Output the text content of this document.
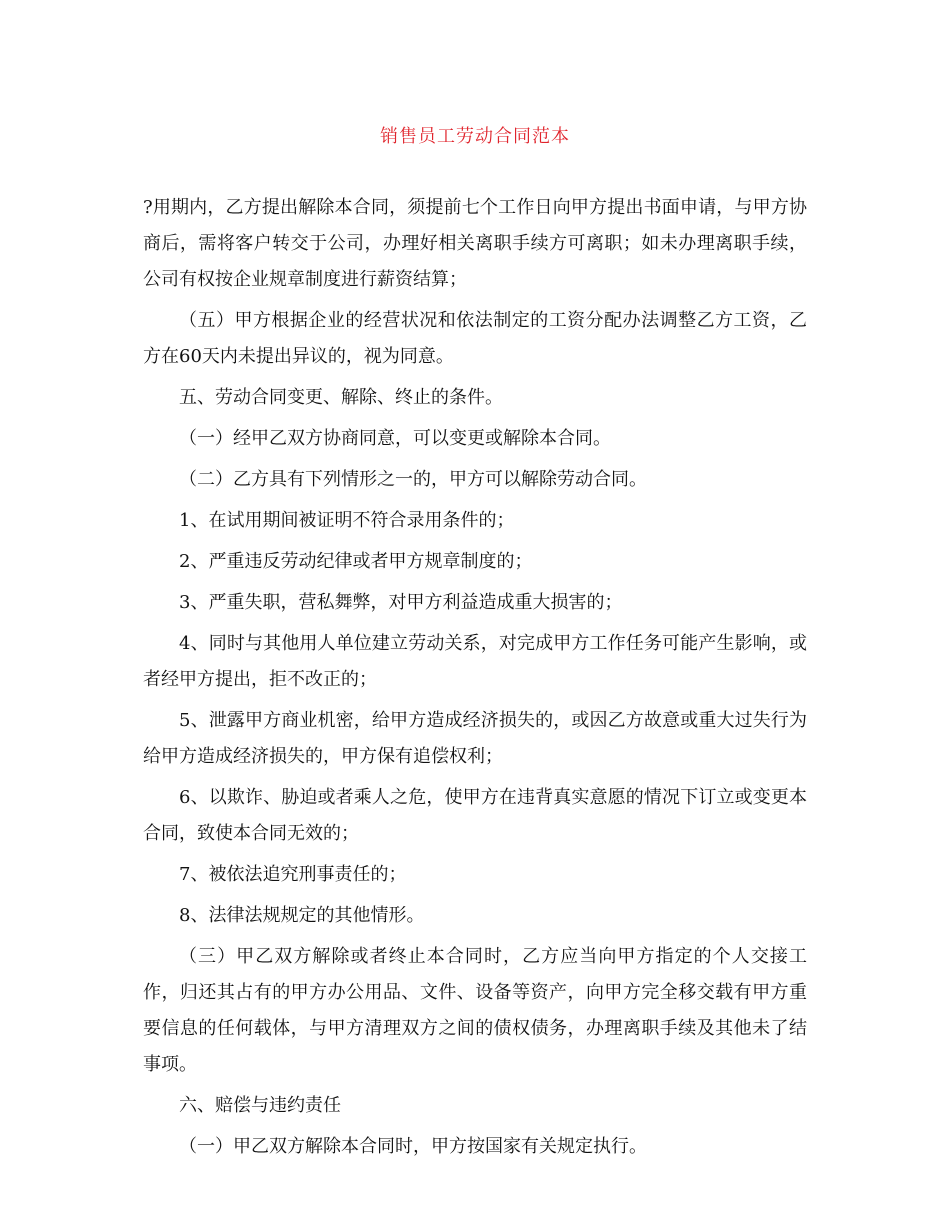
销售员工劳动合同范本

?用期内，乙方提出解除本合同，须提前七个工作日向甲方提出书面申请，与甲方协商后，需将客户转交于公司，办理好相关离职手续方可离职；如未办理离职手续，公司有权按企业规章制度进行薪资结算；

（五）甲方根据企业的经营状况和依法制定的工资分配办法调整乙方工资，乙方在60天内未提出异议的，视为同意。

五、劳动合同变更、解除、终止的条件。

（一）经甲乙双方协商同意，可以变更或解除本合同。

（二）乙方具有下列情形之一的，甲方可以解除劳动合同。

1、在试用期间被证明不符合录用条件的；

2、严重违反劳动纪律或者甲方规章制度的；

3、严重失职，营私舞弊，对甲方利益造成重大损害的；

4、同时与其他用人单位建立劳动关系，对完成甲方工作任务可能产生影响，或者经甲方提出，拒不改正的；

5、泄露甲方商业机密，给甲方造成经济损失的，或因乙方故意或重大过失行为给甲方造成经济损失的，甲方保有追偿权利；

6、以欺诈、胁迫或者乘人之危，使甲方在违背真实意愿的情况下订立或变更本合同，致使本合同无效的；

7、被依法追究刑事责任的；

8、法律法规规定的其他情形。

（三）甲乙双方解除或者终止本合同时，乙方应当向甲方指定的个人交接工作，归还其占有的甲方办公用品、文件、设备等资产，向甲方完全移交载有甲方重要信息的任何载体，与甲方清理双方之间的债权债务，办理离职手续及其他未了结事项。

六、赔偿与违约责任

（一）甲乙双方解除本合同时，甲方按国家有关规定执行。
